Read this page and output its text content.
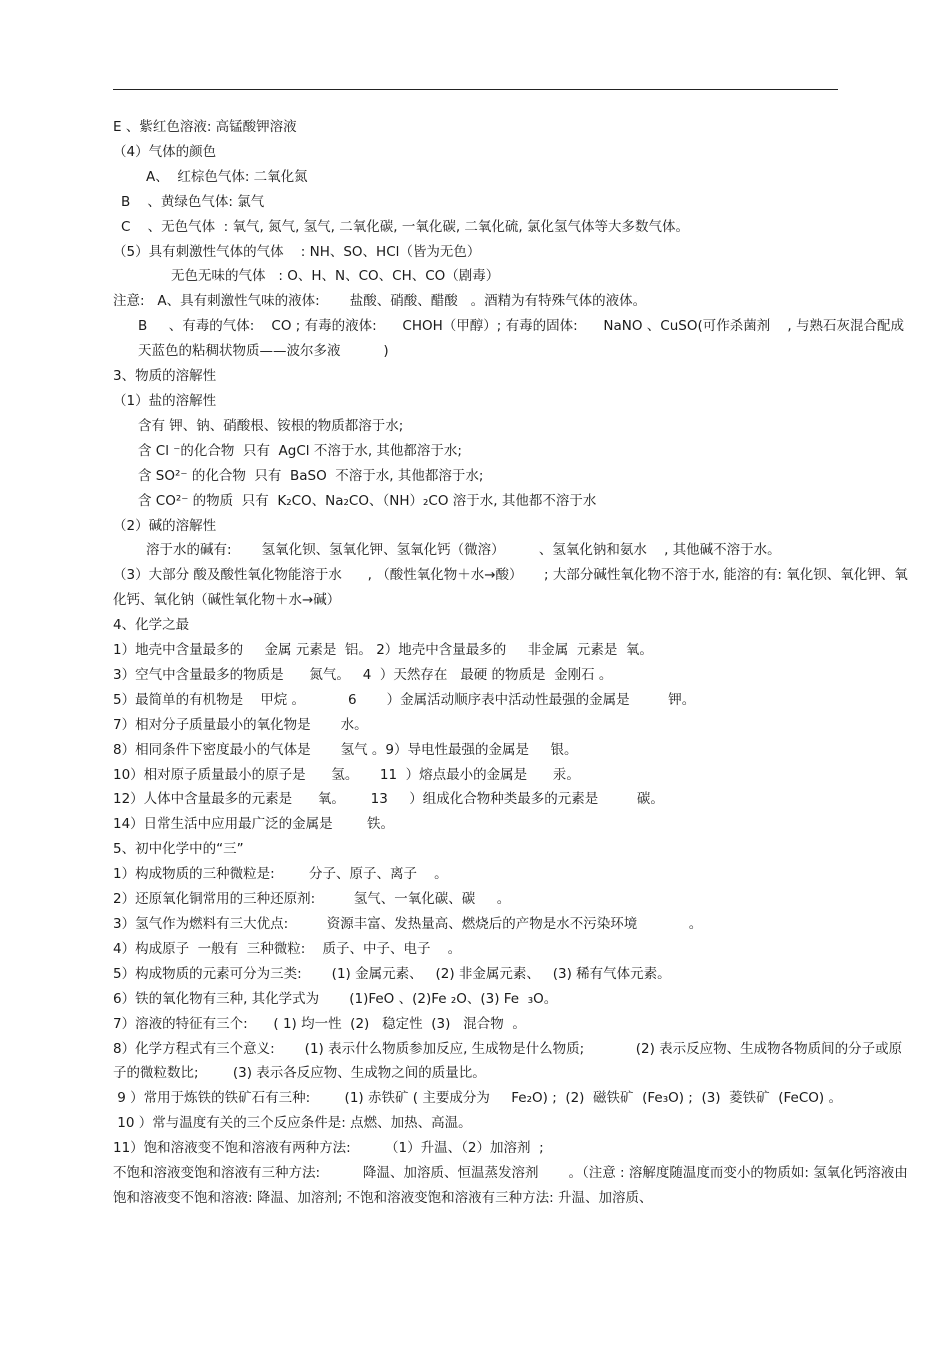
E 、紫红色溶液: 高锰酸钾溶液
（4）气体的颜色
A、  红棕色气体: 二氧化氮
B    、黄绿色气体: 氯气
C    、无色气体  : 氧气, 氮气, 氢气, 二氧化碳, 一氧化碳, 二氧化硫, 氯化氢气体等大多数气体。
（5）具有刺激性气体的气体    : NH、SO、HCl（皆为无色）
无色无味的气体   : O、H、N、CO、CH、CO（剧毒）
注意:   A、具有刺激性气味的液体:       盐酸、硝酸、醋酸   。酒精为有特殊气体的液体。
B     、有毒的气体:    CO ; 有毒的液体:      CHOH（甲醇）; 有毒的固体:      NaNO 、CuSO(可作杀菌剂    , 与熟石灰混合配成天蓝色的粘稠状物质——波尔多液          )
3、物质的溶解性
（1）盐的溶解性
含有 钾、钠、硝酸根、铵根的物质都溶于水;
含 Cl ⁻的化合物  只有  AgCl 不溶于水, 其他都溶于水;
含 SO²⁻ 的化合物  只有  BaSO  不溶于水, 其他都溶于水;
含 CO²⁻ 的物质  只有  K₂CO、Na₂CO、（NH）₂CO 溶于水, 其他都不溶于水
（2）碱的溶解性
溶于水的碱有:       氢氧化钡、氢氧化钾、氢氧化钙（微溶）        、氢氧化钠和氨水    , 其他碱不溶于水。
（3）大部分 酸及酸性氧化物能溶于水      , （酸性氧化物＋水→酸）     ; 大部分碱性氧化物不溶于水, 能溶的有: 氧化钡、氧化钾、氧化钙、氧化钠（碱性氧化物＋水→碱）
4、化学之最
1）地壳中含量最多的     金属 元素是  铝。 2）地壳中含量最多的     非金属  元素是  氧。
3）空气中含量最多的物质是      氮气。   4  ）天然存在   最硬 的物质是  金刚石 。
5）最简单的有机物是    甲烷 。          6       ）金属活动顺序表中活动性最强的金属是         钾。
7）相对分子质量最小的氧化物是       水。
8）相同条件下密度最小的气体是       氢气 。9）导电性最强的金属是     银。
10）相对原子质量最小的原子是      氢。     11  ）熔点最小的金属是      汞。
12）人体中含量最多的元素是      氧。      13     ）组成化合物种类最多的元素是         碳。
14）日常生活中应用最广泛的金属是        铁。
5、初中化学中的“三”
1）构成物质的三种微粒是:        分子、原子、离子    。
2）还原氧化铜常用的三种还原剂:         氢气、一氧化碳、碳     。
3）氢气作为燃料有三大优点:         资源丰富、发热量高、燃烧后的产物是水不污染环境            。
4）构成原子  一般有  三种微粒:    质子、中子、电子    。
5）构成物质的元素可分为三类:       (1) 金属元素、   (2) 非金属元素、   (3) 稀有气体元素。
6）铁的氧化物有三种, 其化学式为       (1)FeO 、(2)Fe ₂O、(3) Fe  ₃O。
7）溶液的特征有三个:      ( 1) 均一性  (2)   稳定性  (3)   混合物  。
8）化学方程式有三个意义:       (1) 表示什么物质参加反应, 生成物是什么物质;            (2) 表示反应物、生成物各物质间的分子或原子的微粒数比;        (3) 表示各反应物、生成物之间的质量比。
9 ）常用于炼铁的铁矿石有三种:        (1) 赤铁矿 ( 主要成分为     Fe₂O) ;  (2)  磁铁矿  (Fe₃O) ;  (3)  菱铁矿  (FeCO) 。
10 ）常与温度有关的三个反应条件是: 点燃、加热、高温。
11）饱和溶液变不饱和溶液有两种方法:        （1）升温、（2）加溶剂  ;
不饱和溶液变饱和溶液有三种方法:          降温、加溶质、恒温蒸发溶剂       。（注意 : 溶解度随温度而变小的物质如: 氢氧化钙溶液由饱和溶液变不饱和溶液: 降温、加溶剂; 不饱和溶液变饱和溶液有三种方法: 升温、加溶质、
